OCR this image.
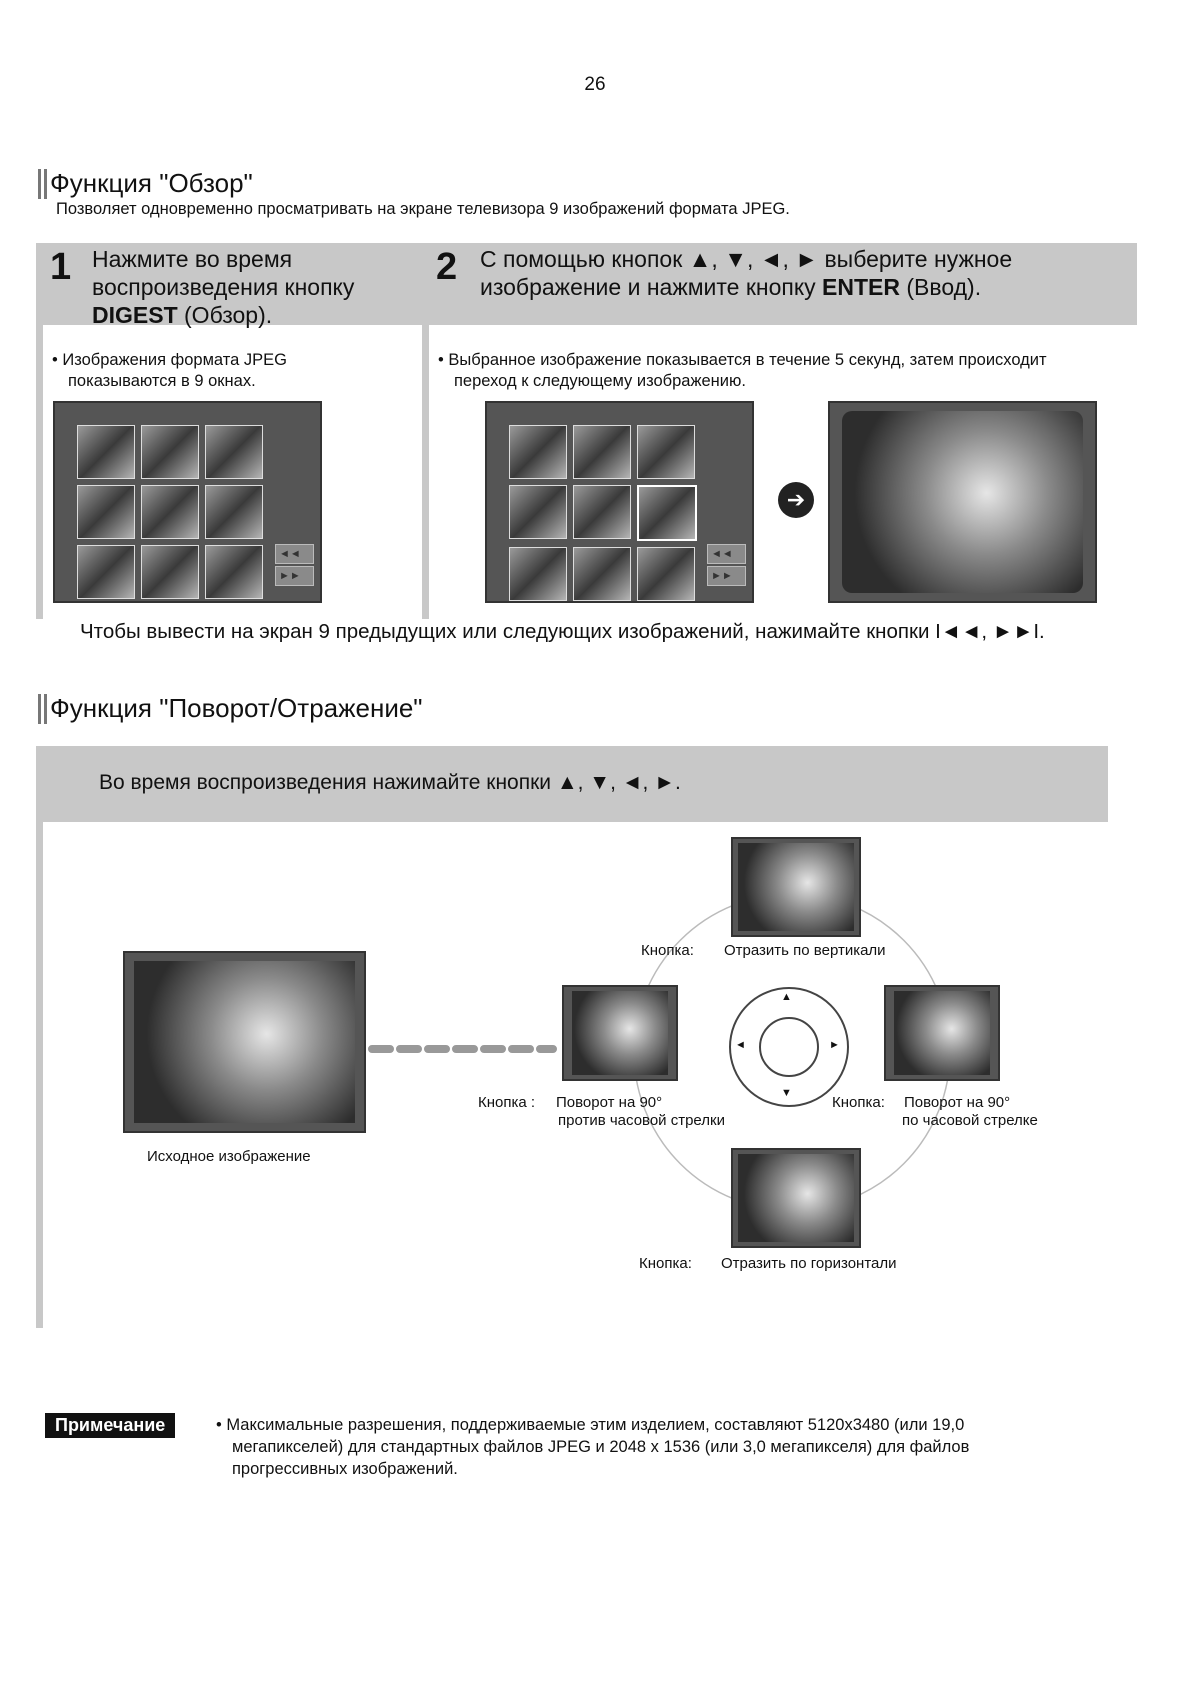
26
Функция "Обзор"
Позволяет одновременно просматривать на экране телевизора 9 изображений формата JPEG.
1 Нажмите во время
воспроизведения кнопку
DIGEST (Обзор).
2 С помощью кнопок ▲, ▼, ◄, ► выберите нужное
изображение и нажмите кнопку ENTER (Ввод).
• Изображения формата JPEG
показываются в 9 окнах.
• Выбранное изображение показывается в течение 5 секунд, затем происходит
переход к следующему изображению.
◄◄
►►
◄◄
►►
➔
Чтобы вывести на экран 9 предыдущих или следующих изображений, нажимайте кнопки I◄◄, ►►I.
Функция "Поворот/Отражение"
Во время воспроизведения нажимайте кнопки ▲, ▼, ◄, ►.
Исходное изображение
Кнопка: Отразить по вертикали
Кнопка : Поворот на 90°
против часовой стрелки
Кнопка: Поворот на 90°
по часовой стрелке
Кнопка: Отразить по горизонтали
▲
▼
◄	►
Примечание	• Максимальные разрешения, поддерживаемые этим изделием, составляют 5120x3480 (или 19,0
мегапикселей) для стандартных файлов JPEG и 2048 x 1536 (или 3,0 мегапикселя) для файлов
прогрессивных изображений.
